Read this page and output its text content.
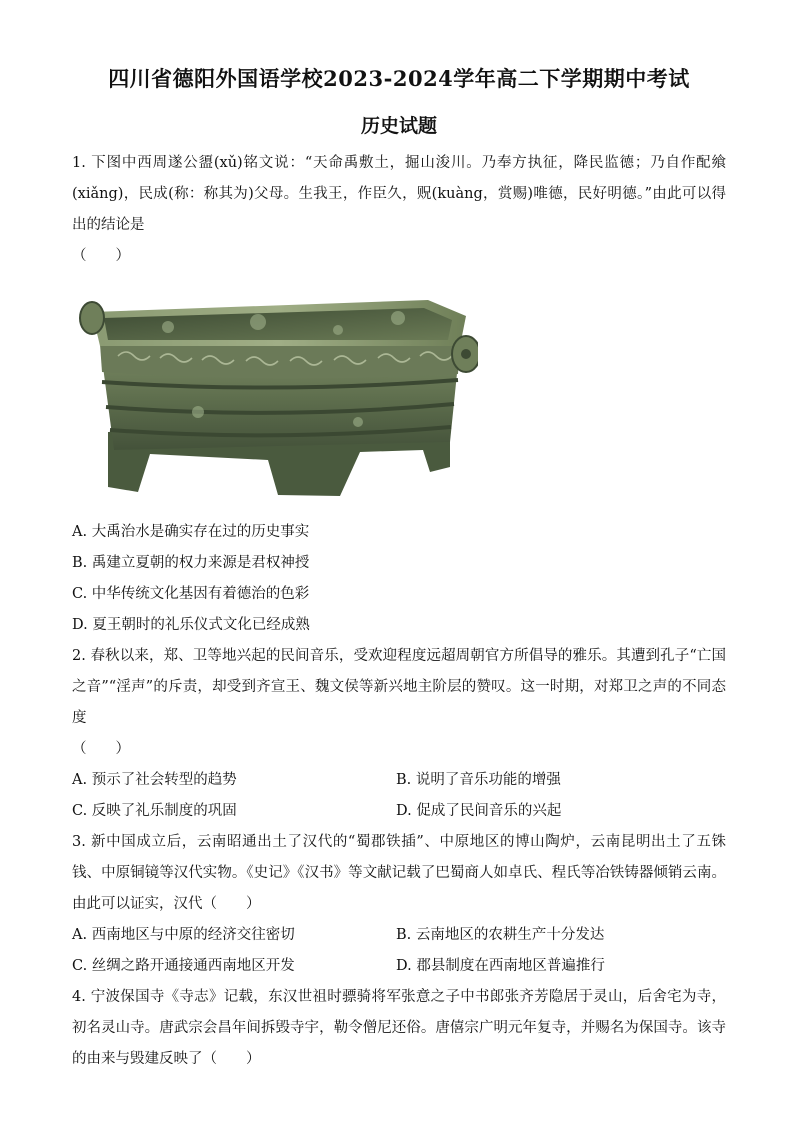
四川省德阳外国语学校2023-2024学年高二下学期期中考试
历史试题

1. 下图中西周遂公盨(xǔ)铭文说：“天命禹敷土，掘山浚川。乃奉方执征，降民监德；乃自作配飨(xiǎng)，民成(称：称其为)父母。生我王，作臣久，贶(kuàng，赏赐)唯德，民好明德。”由此可以得出的结论是

（　　）

A. 大禹治水是确实存在过的历史事实

B. 禹建立夏朝的权力来源是君权神授

C. 中华传统文化基因有着德治的色彩

D. 夏王朝时的礼乐仪式文化已经成熟

2. 春秋以来，郑、卫等地兴起的民间音乐，受欢迎程度远超周朝官方所倡导的雅乐。其遭到孔子“亡国之音”“淫声”的斥责，却受到齐宣王、魏文侯等新兴地主阶层的赞叹。这一时期，对郑卫之声的不同态度

（　　）

A. 预示了社会转型的趋势	B. 说明了音乐功能的增强

C. 反映了礼乐制度的巩固	D. 促成了民间音乐的兴起

3. 新中国成立后，云南昭通出土了汉代的“蜀郡铁插”、中原地区的博山陶炉，云南昆明出土了五铢钱、中原铜镜等汉代实物。《史记》《汉书》等文献记载了巴蜀商人如卓氏、程氏等冶铁铸器倾销云南。由此可以证实，汉代（　　）

A. 西南地区与中原的经济交往密切	B. 云南地区的农耕生产十分发达

C. 丝绸之路开通接通西南地区开发	D. 郡县制度在西南地区普遍推行

4. 宁波保国寺《寺志》记载，东汉世祖时骠骑将军张意之子中书郎张齐芳隐居于灵山，后舍宅为寺，初名灵山寺。唐武宗会昌年间拆毁寺宇，勒令僧尼还俗。唐僖宗广明元年复寺，并赐名为保国寺。该寺的由来与毁建反映了（　　）
